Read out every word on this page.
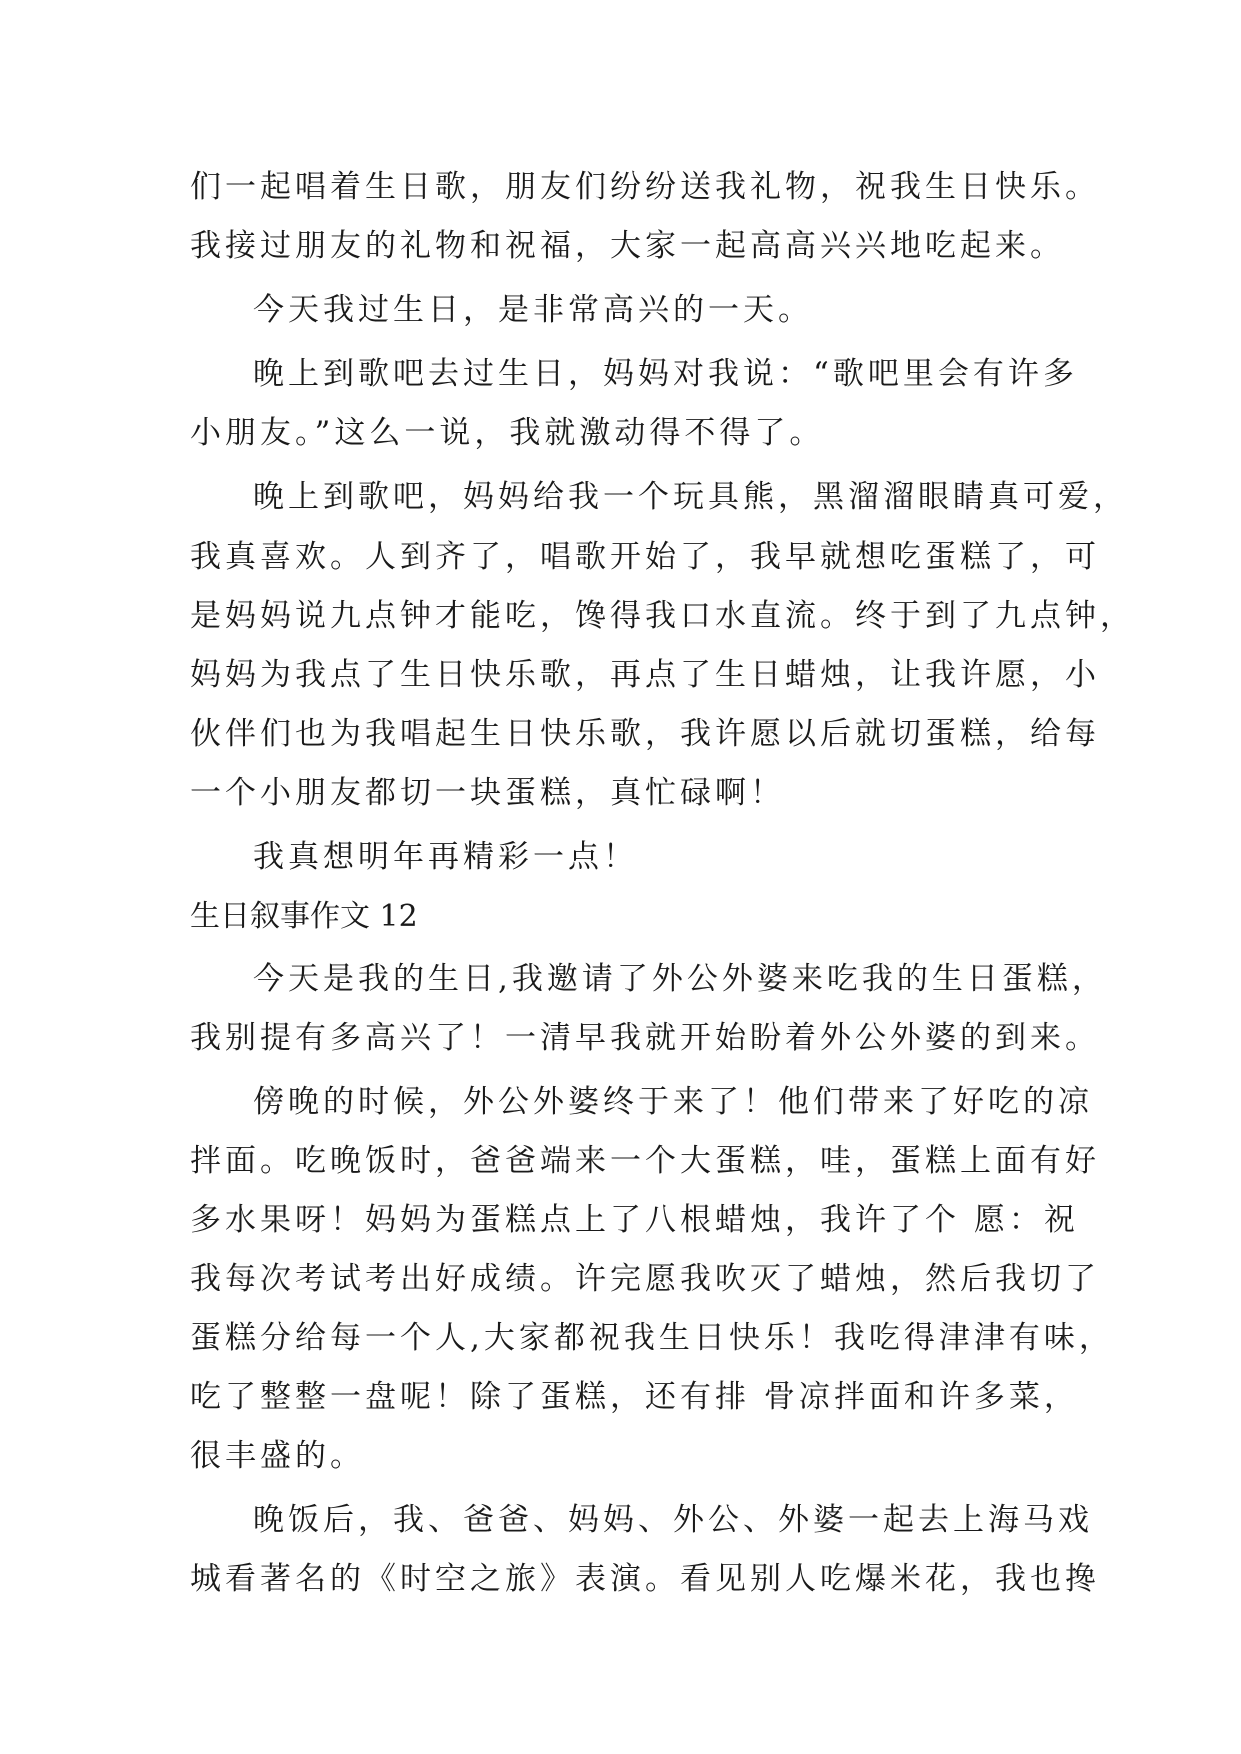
们一起唱着生日歌，朋友们纷纷送我礼物，祝我生日快乐。
我接过朋友的礼物和祝福，大家一起高高兴兴地吃起来。
今天我过生日，是非常高兴的一天。
晚上到歌吧去过生日，妈妈对我说：“歌吧里会有许多
小朋友。”这么一说，我就激动得不得了。
晚上到歌吧，妈妈给我一个玩具熊，黑溜溜眼睛真可爱，
我真喜欢。人到齐了，唱歌开始了，我早就想吃蛋糕了，可
是妈妈说九点钟才能吃，馋得我口水直流。终于到了九点钟，
妈妈为我点了生日快乐歌，再点了生日蜡烛，让我许愿，小
伙伴们也为我唱起生日快乐歌，我许愿以后就切蛋糕，给每
一个小朋友都切一块蛋糕，真忙碌啊！
我真想明年再精彩一点！
生日叙事作文 12
今天是我的生日,我邀请了外公外婆来吃我的生日蛋糕，
我别提有多高兴了！一清早我就开始盼着外公外婆的到来。
傍晚的时候，外公外婆终于来了！他们带来了好吃的凉
拌面。吃晚饭时，爸爸端来一个大蛋糕，哇，蛋糕上面有好
多水果呀！妈妈为蛋糕点上了八根蜡烛，我许了个 愿：祝
我每次考试考出好成绩。许完愿我吹灭了蜡烛，然后我切了
蛋糕分给每一个人,大家都祝我生日快乐！我吃得津津有味，
吃了整整一盘呢！除了蛋糕，还有排 骨凉拌面和许多菜，
很丰盛的。
晚饭后，我、爸爸、妈妈、外公、外婆一起去上海马戏
城看著名的《时空之旅》表演。看见别人吃爆米花，我也搀
